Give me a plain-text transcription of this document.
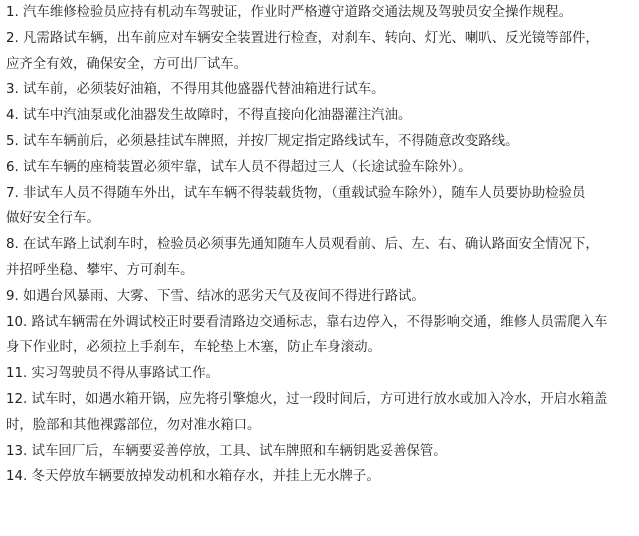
1. 汽车维修检验员应持有机动车驾驶证，作业时严格遵守道路交通法规及驾驶员安全操作规程。
2. 凡需路试车辆，出车前应对车辆安全装置进行检查，对刹车、转向、灯光、喇叭、反光镜等部件，
应齐全有效，确保安全，方可出厂试车。
3. 试车前，必须装好油箱，不得用其他盛器代替油箱进行试车。
4. 试车中汽油泵或化油器发生故障时，不得直接向化油器灌注汽油。
5. 试车车辆前后，必须悬挂试车牌照，并按厂规定指定路线试车，不得随意改变路线。
6. 试车车辆的座椅装置必须牢靠，试车人员不得超过三人（长途试验车除外）。
7. 非试车人员不得随车外出，试车车辆不得装载货物，（重载试验车除外），随车人员要协助检验员
做好安全行车。
8. 在试车路上试刹车时，检验员必须事先通知随车人员观看前、后、左、右、确认路面安全情况下，
并招呼坐稳、攀牢、方可刹车。
9. 如遇台风暴雨、大雾、下雪、结冰的恶劣天气及夜间不得进行路试。
10. 路试车辆需在外调试校正时要看清路边交通标志，靠右边停入，不得影响交通，维修人员需爬入车
身下作业时，必须拉上手刹车，车轮垫上木塞，防止车身滚动。
11. 实习驾驶员不得从事路试工作。
12. 试车时，如遇水箱开锅，应先将引擎熄火，过一段时间后，方可进行放水或加入冷水，开启水箱盖
时，脸部和其他裸露部位，勿对准水箱口。
13. 试车回厂后，车辆要妥善停放，工具、试车牌照和车辆钥匙妥善保管。
14. 冬天停放车辆要放掉发动机和水箱存水，并挂上无水牌子。
